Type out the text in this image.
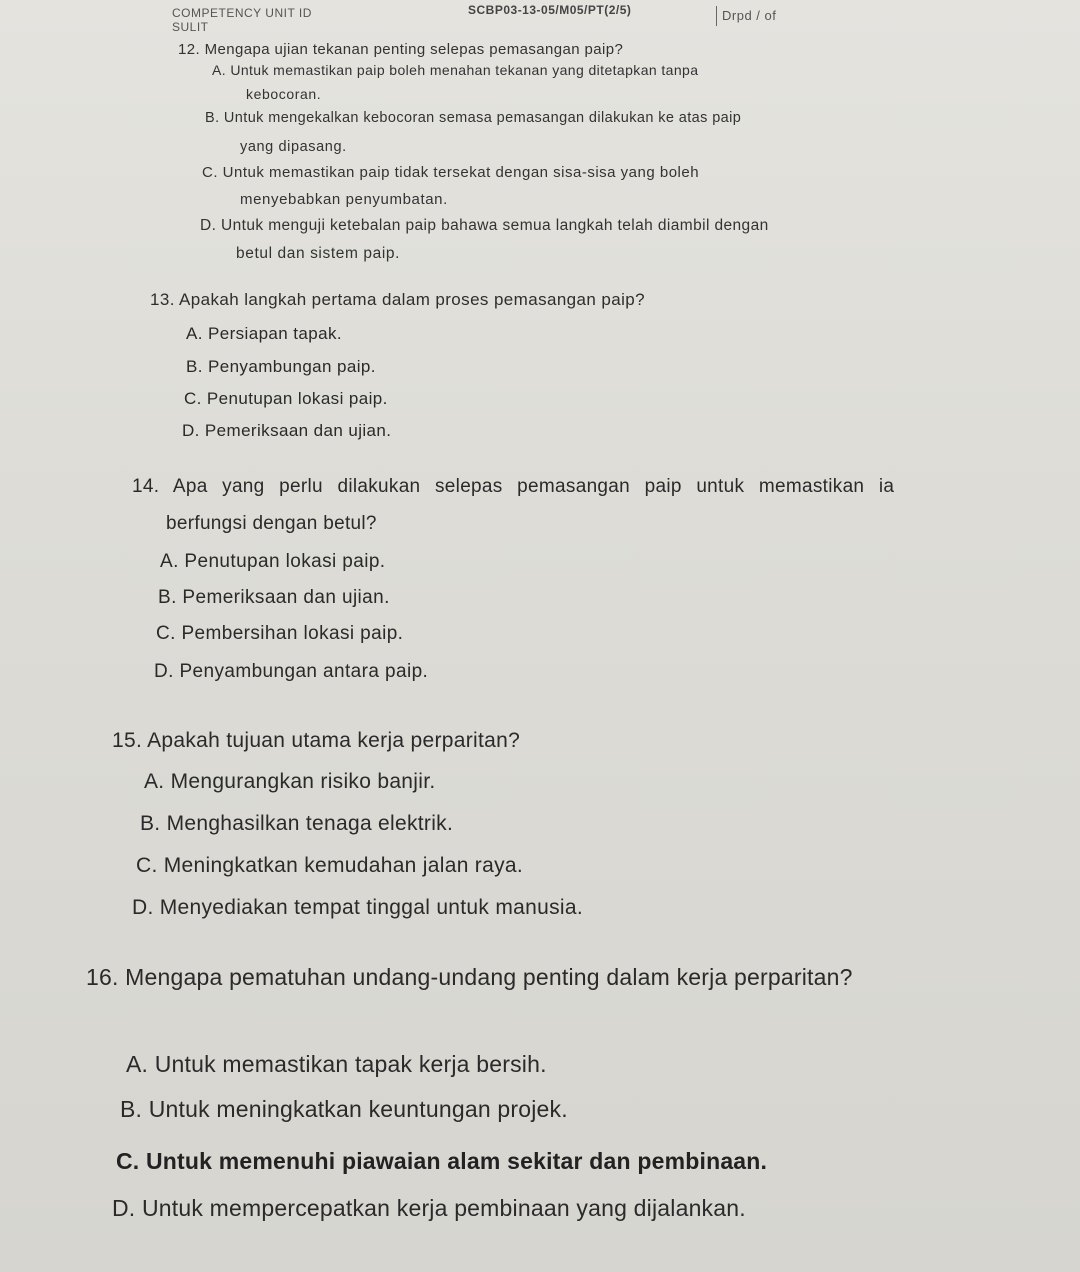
COMPETENCY UNIT ID
SULIT
SCBP03-13-05/M05/PT(2/5)	Drpd / of
12. Mengapa ujian tekanan penting selepas pemasangan paip?
A. Untuk memastikan paip boleh menahan tekanan yang ditetapkan tanpa
kebocoran.
B. Untuk mengekalkan kebocoran semasa pemasangan dilakukan ke atas paip
yang dipasang.
C. Untuk memastikan paip tidak tersekat dengan sisa-sisa yang boleh
menyebabkan penyumbatan.
D. Untuk menguji ketebalan paip bahawa semua langkah telah diambil dengan
betul dan sistem paip.
13. Apakah langkah pertama dalam proses pemasangan paip?
A. Persiapan tapak.
B. Penyambungan paip.
C. Penutupan lokasi paip.
D. Pemeriksaan dan ujian.
14. Apa yang perlu dilakukan selepas pemasangan paip untuk memastikan ia
berfungsi dengan betul?
A. Penutupan lokasi paip.
B. Pemeriksaan dan ujian.
C. Pembersihan lokasi paip.
D. Penyambungan antara paip.
15. Apakah tujuan utama kerja perparitan?
A. Mengurangkan risiko banjir.
B. Menghasilkan tenaga elektrik.
C. Meningkatkan kemudahan jalan raya.
D. Menyediakan tempat tinggal untuk manusia.
16. Mengapa pematuhan undang-undang penting dalam kerja perparitan?
A. Untuk memastikan tapak kerja bersih.
B. Untuk meningkatkan keuntungan projek.
C. Untuk memenuhi piawaian alam sekitar dan pembinaan.
D. Untuk mempercepatkan kerja pembinaan yang dijalankan.
